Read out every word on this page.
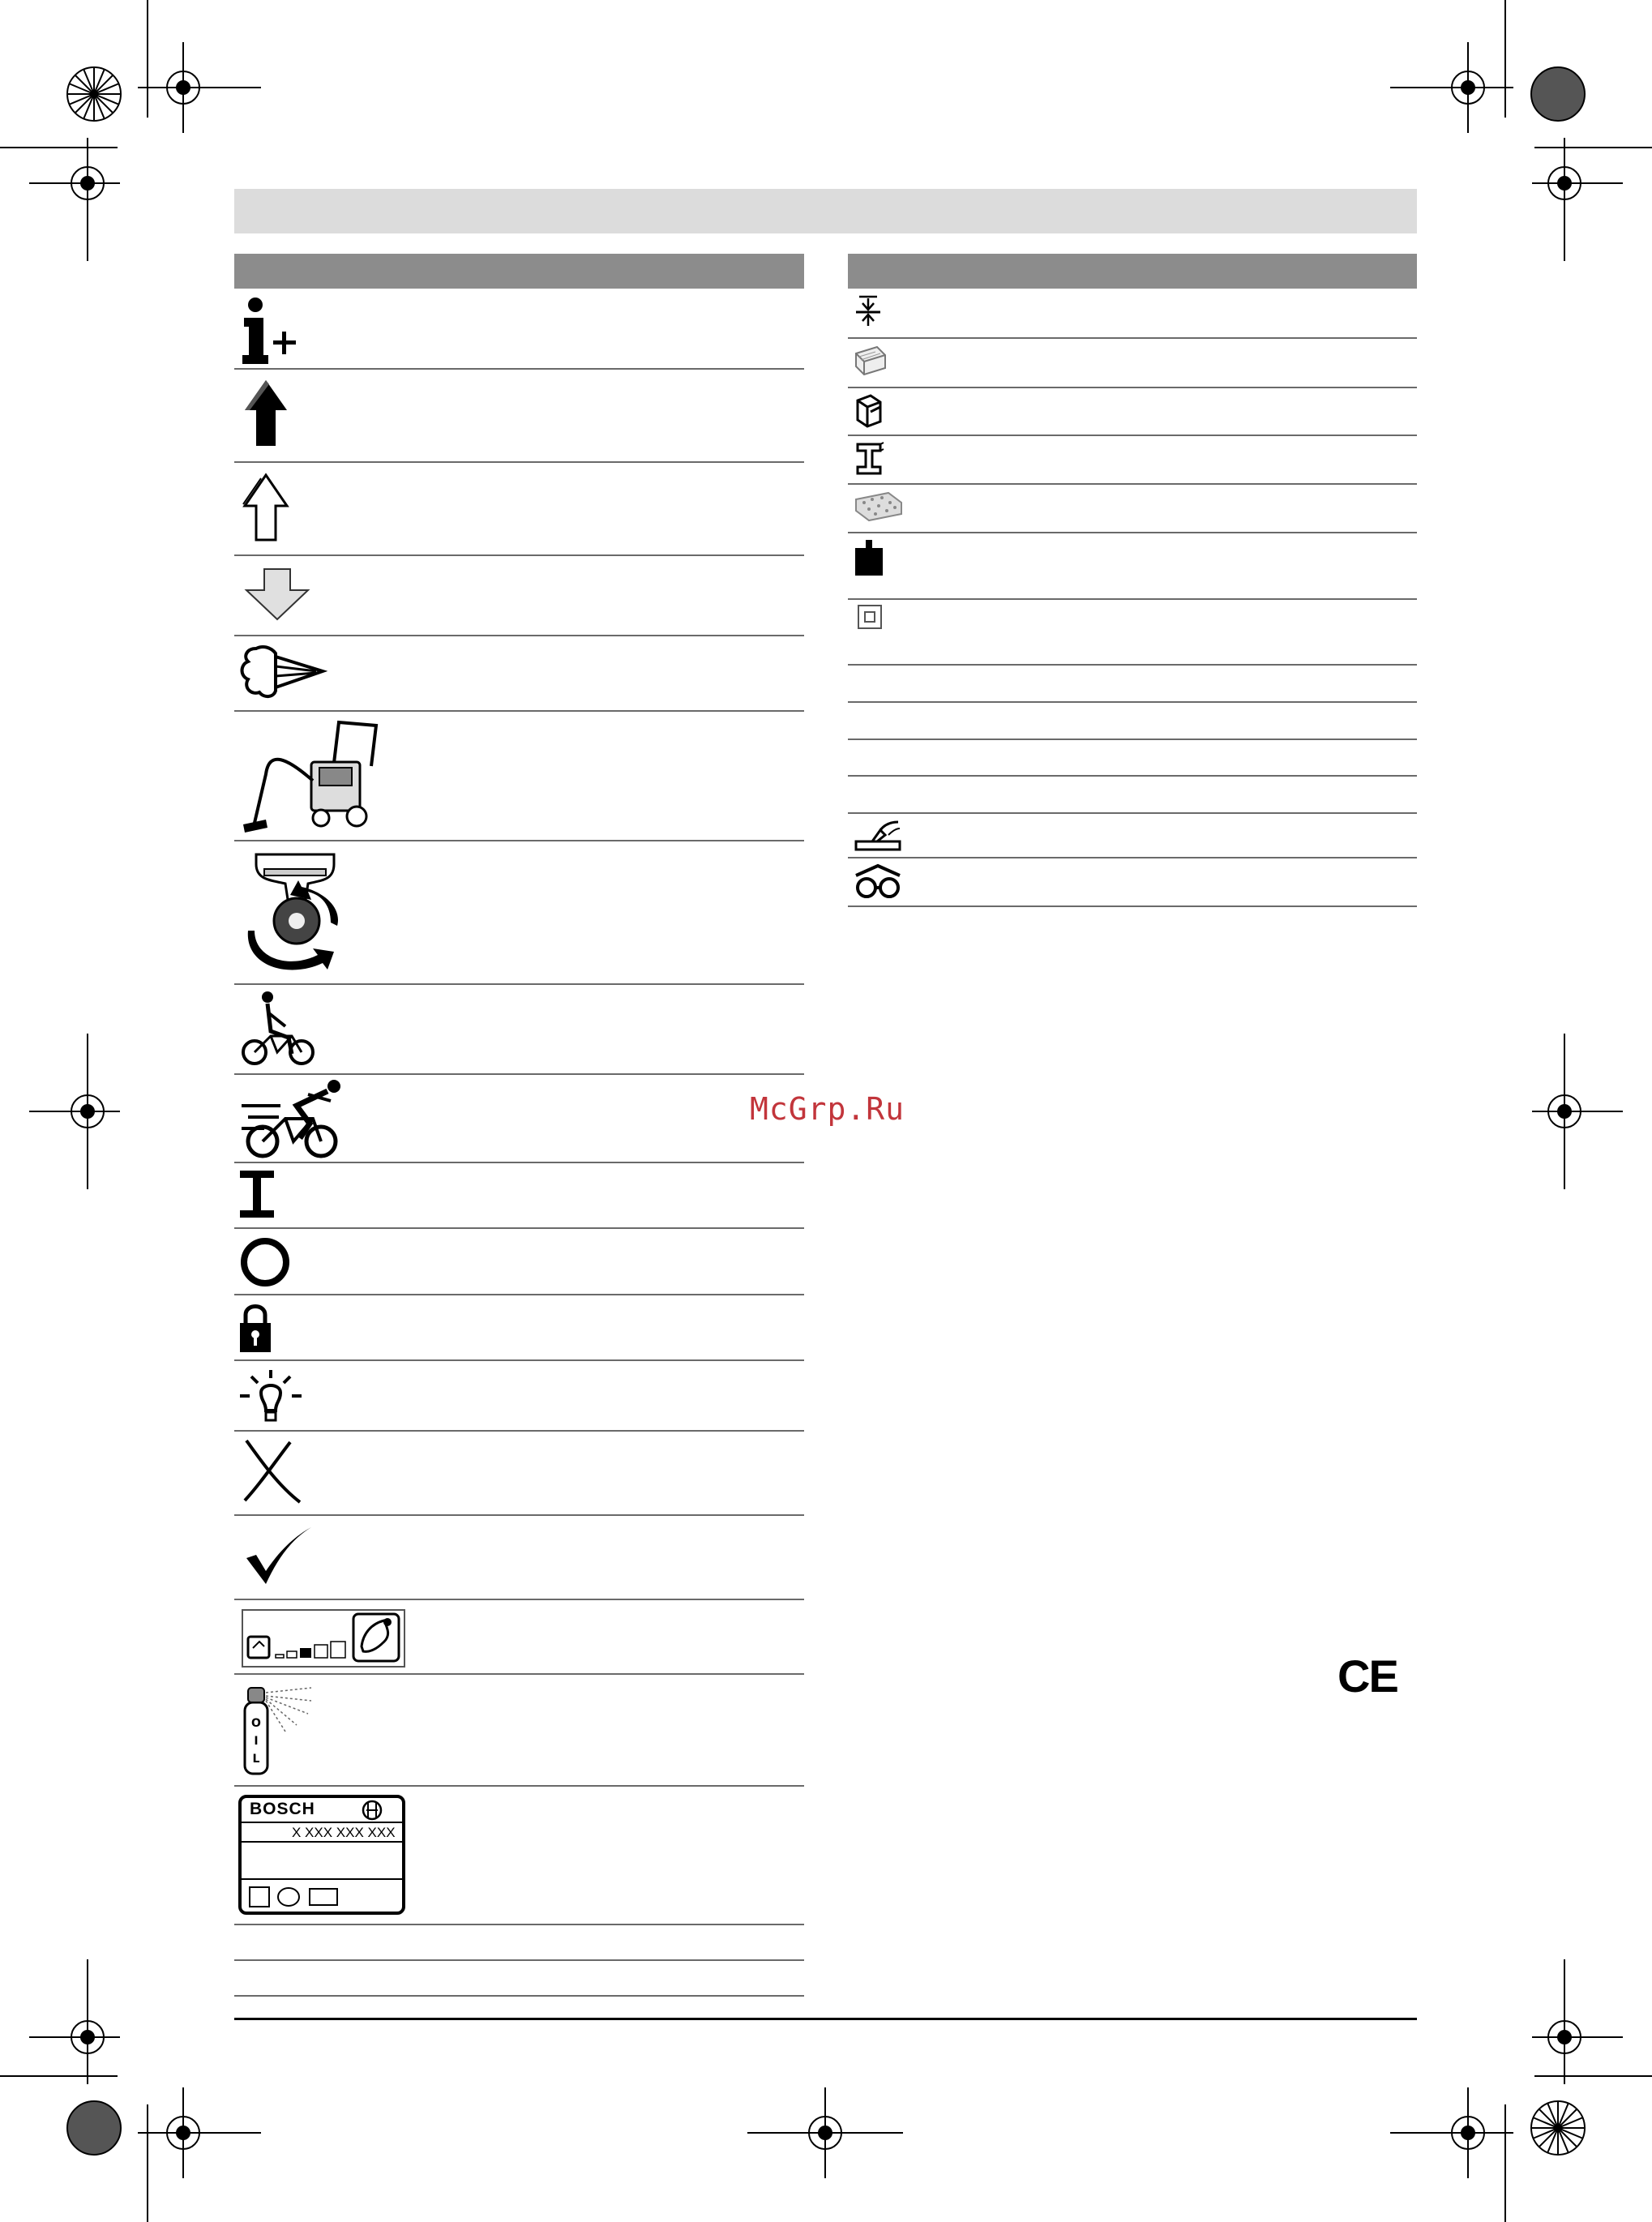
O
I
L
BOSCH
X XXX XXX XXX
McGrp.Ru
CE
